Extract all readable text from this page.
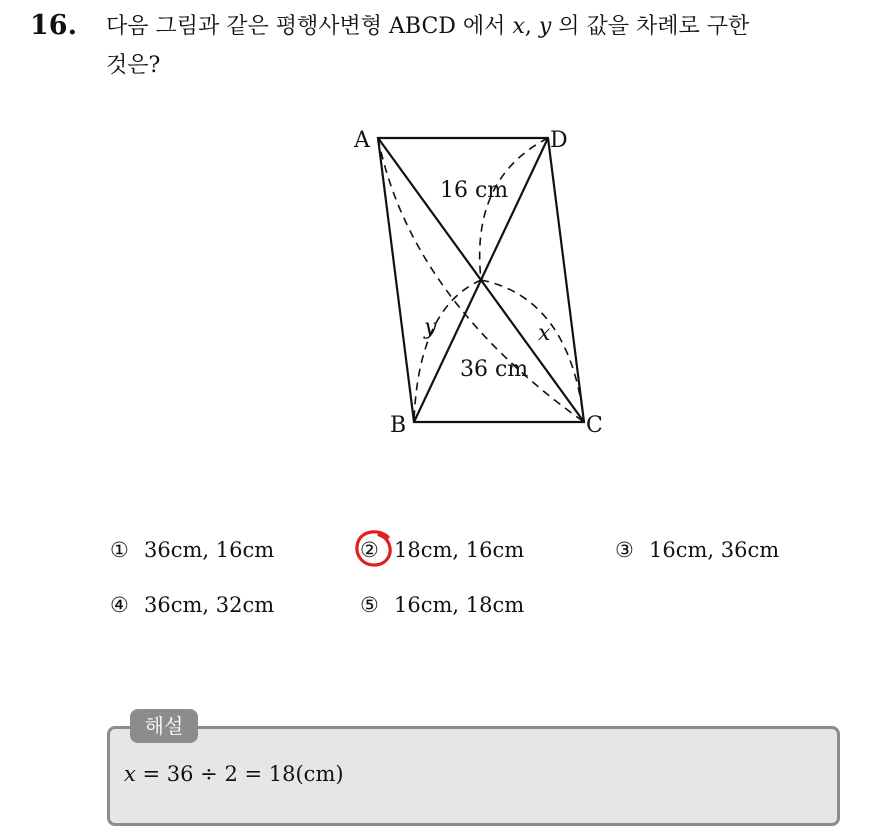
16. 다음 그림과 같은 평행사변형 ABCD 에서 x, y 의 값을 차례로 구한
것은?
A	D
B	C
16 cm
36 cm
x
y
① 36cm, 16cm	② 18cm, 16cm	③ 16cm, 36cm
④ 36cm, 32cm	⑤ 16cm, 18cm
해설
x = 36 ÷ 2 = 18(cm)
